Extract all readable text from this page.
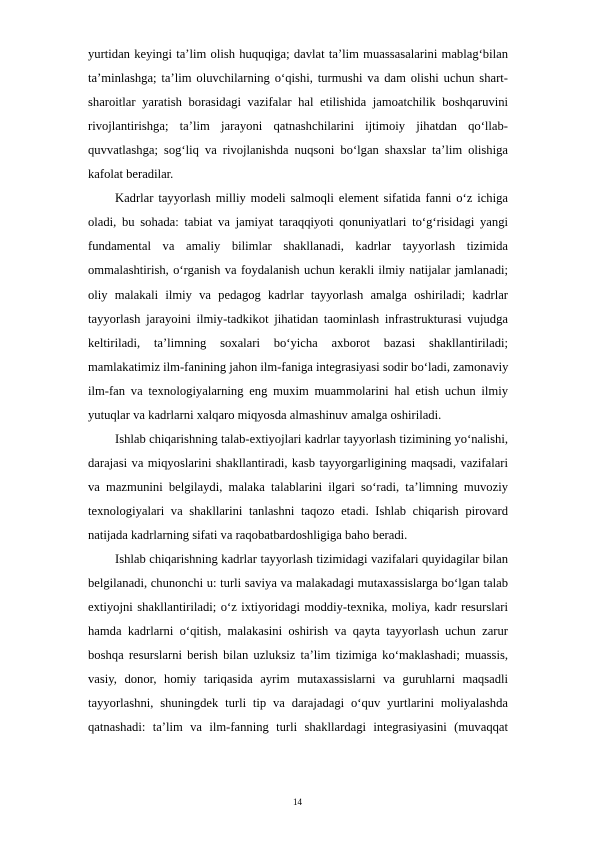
yurtidan keyingi ta’lim olish huquqiga; davlat ta’lim muassasalarini mablag‘bilan
ta’minlashga; ta’lim oluvchilarning o‘qishi, turmushi va dam olishi uchun shart-
sharoitlar yaratish borasidagi vazifalar hal etilishida jamoatchilik boshqaruvini
rivojlantirishga; ta’lim jarayoni qatnashchilarini ijtimoiy jihatdan qo‘llab-
quvvatlashga; sog‘liq va rivojlanishda nuqsoni bo‘lgan shaxslar ta’lim olishiga
kafolat beradilar.
Kadrlar tayyorlash milliy modeli salmoqli element sifatida fanni o‘z ichiga
oladi, bu sohada: tabiat va jamiyat taraqqiyoti qonuniyatlari to‘g‘risidagi yangi
fundamental va amaliy bilimlar shakllanadi, kadrlar tayyorlash tizimida
ommalashtirish, o‘rganish va foydalanish uchun kerakli ilmiy natijalar jamlanadi;
oliy malakali ilmiy va pedagog kadrlar tayyorlash amalga oshiriladi; kadrlar
tayyorlash jarayoini ilmiy-tadkikot jihatidan taominlash infrastrukturasi vujudga
keltiriladi, ta’limning soxalari bo‘yicha axborot bazasi shakllantiriladi;
mamlakatimiz ilm-fanining jahon ilm-faniga integrasiyasi sodir bo‘ladi, zamonaviy
ilm-fan va texnologiyalarning eng muxim muammolarini hal etish uchun ilmiy
yutuqlar va kadrlarni xalqaro miqyosda almashinuv amalga oshiriladi.
Ishlab chiqarishning talab-extiyojlari kadrlar tayyorlash tizimining yo‘nalishi,
darajasi va miqyoslarini shakllantiradi, kasb tayyorgarligining maqsadi, vazifalari
va mazmunini belgilaydi, malaka talablarini ilgari so‘radi, ta’limning muvoziy
texnologiyalari va shakllarini tanlashni taqozo etadi. Ishlab chiqarish pirovard
natijada kadrlarning sifati va raqobatbardoshligiga baho beradi.
Ishlab chiqarishning kadrlar tayyorlash tizimidagi vazifalari quyidagilar bilan
belgilanadi, chunonchi u: turli saviya va malakadagi mutaxassislarga bo‘lgan talab
extiyojni shakllantiriladi; o‘z ixtiyoridagi moddiy-texnika, moliya, kadr resurslari
hamda kadrlarni o‘qitish, malakasini oshirish va qayta tayyorlash uchun zarur
boshqa resurslarni berish bilan uzluksiz ta’lim tizimiga ko‘maklashadi; muassis,
vasiy, donor, homiy tariqasida ayrim mutaxassislarni va guruhlarni maqsadli
tayyorlashni, shuningdek turli tip va darajadagi o‘quv yurtlarini moliyalashda
qatnashadi: ta’lim va ilm-fanning turli shakllardagi integrasiyasini (muvaqqat
14
